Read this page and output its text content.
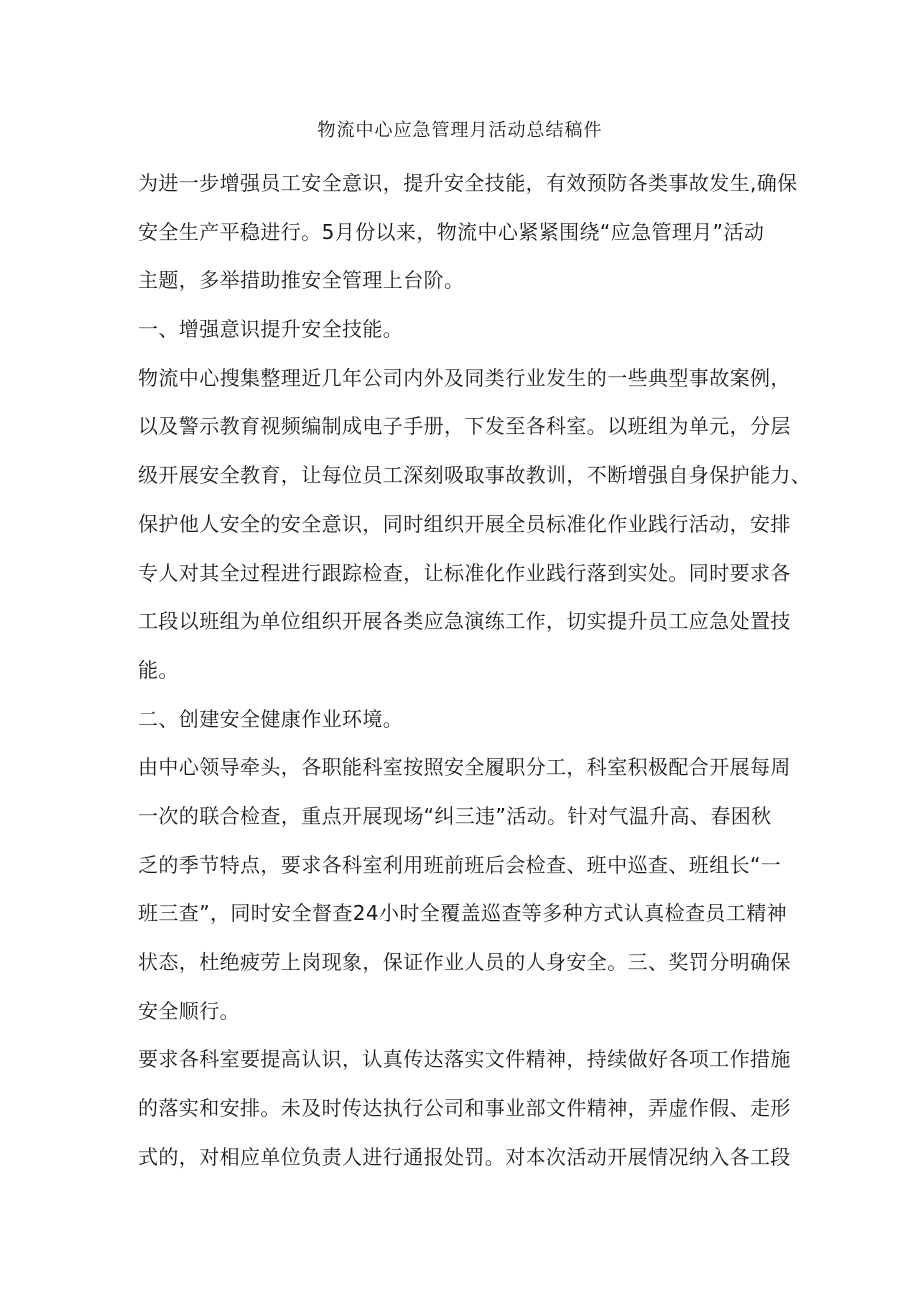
物流中心应急管理月活动总结稿件
为进一步增强员工安全意识，提升安全技能，有效预防各类事故发生,确保
安全生产平稳进行。5月份以来，物流中心紧紧围绕“应急管理月”活动
主题，多举措助推安全管理上台阶。
一、增强意识提升安全技能。
物流中心搜集整理近几年公司内外及同类行业发生的一些典型事故案例，
以及警示教育视频编制成电子手册，下发至各科室。以班组为单元，分层
级开展安全教育，让每位员工深刻吸取事故教训，不断增强自身保护能力、
保护他人安全的安全意识，同时组织开展全员标准化作业践行活动，安排
专人对其全过程进行跟踪检查，让标准化作业践行落到实处。同时要求各
工段以班组为单位组织开展各类应急演练工作，切实提升员工应急处置技
能。
二、创建安全健康作业环境。
由中心领导牵头，各职能科室按照安全履职分工，科室积极配合开展每周
一次的联合检查，重点开展现场“纠三违”活动。针对气温升高、春困秋
乏的季节特点，要求各科室利用班前班后会检查、班中巡查、班组长“一
班三查”，同时安全督查24小时全覆盖巡查等多种方式认真检查员工精神
状态，杜绝疲劳上岗现象，保证作业人员的人身安全。三、奖罚分明确保
安全顺行。
要求各科室要提高认识，认真传达落实文件精神，持续做好各项工作措施
的落实和安排。未及时传达执行公司和事业部文件精神，弄虚作假、走形
式的，对相应单位负责人进行通报处罚。对本次活动开展情况纳入各工段
